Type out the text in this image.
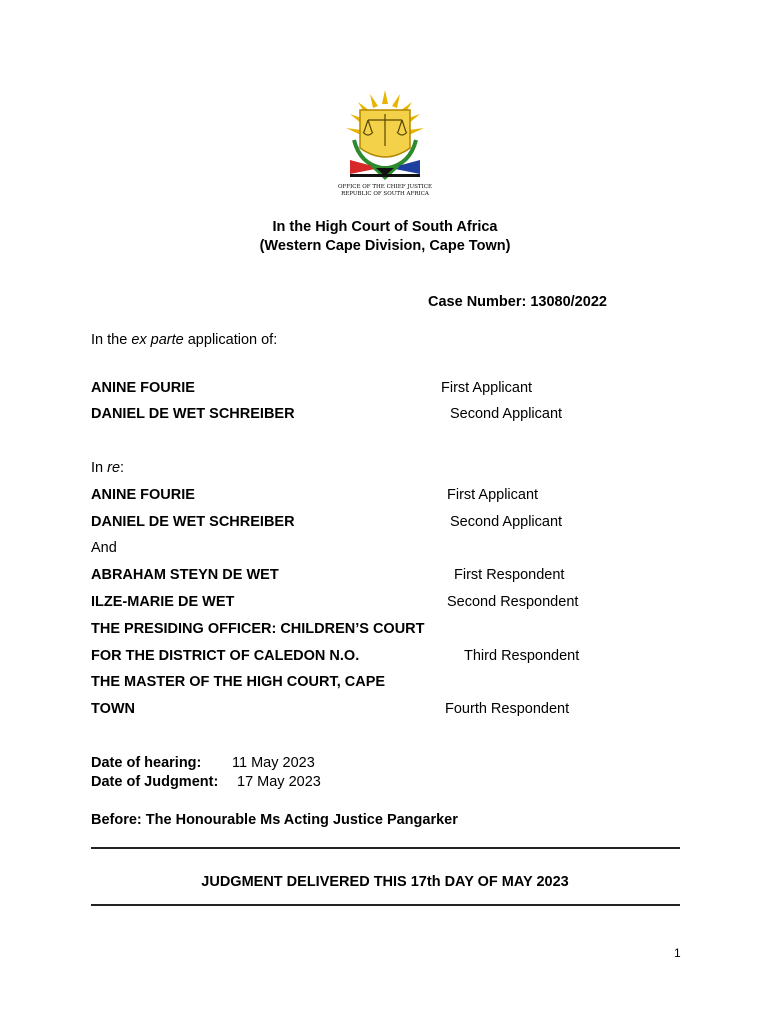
OFFICE OF THE CHIEF JUSTICE
REPUBLIC OF SOUTH AFRICA
In the High Court of South Africa
(Western Cape Division, Cape Town)
Case Number: 13080/2022
In the ex parte application of:
ANINE FOURIE	First Applicant
DANIEL DE WET SCHREIBER	Second Applicant
In re:
ANINE FOURIE	First Applicant
DANIEL DE WET SCHREIBER	Second Applicant
And
ABRAHAM STEYN DE WET	First Respondent
ILZE-MARIE DE WET	Second Respondent
THE PRESIDING OFFICER: CHILDREN’S COURT
FOR THE DISTRICT OF CALEDON N.O.	Third Respondent
THE MASTER OF THE HIGH COURT, CAPE
TOWN	Fourth Respondent
Date of hearing: 11 May 2023
Date of Judgment: 17 May 2023
Before: The Honourable Ms Acting Justice Pangarker
JUDGMENT DELIVERED THIS 17th DAY OF MAY 2023
1
